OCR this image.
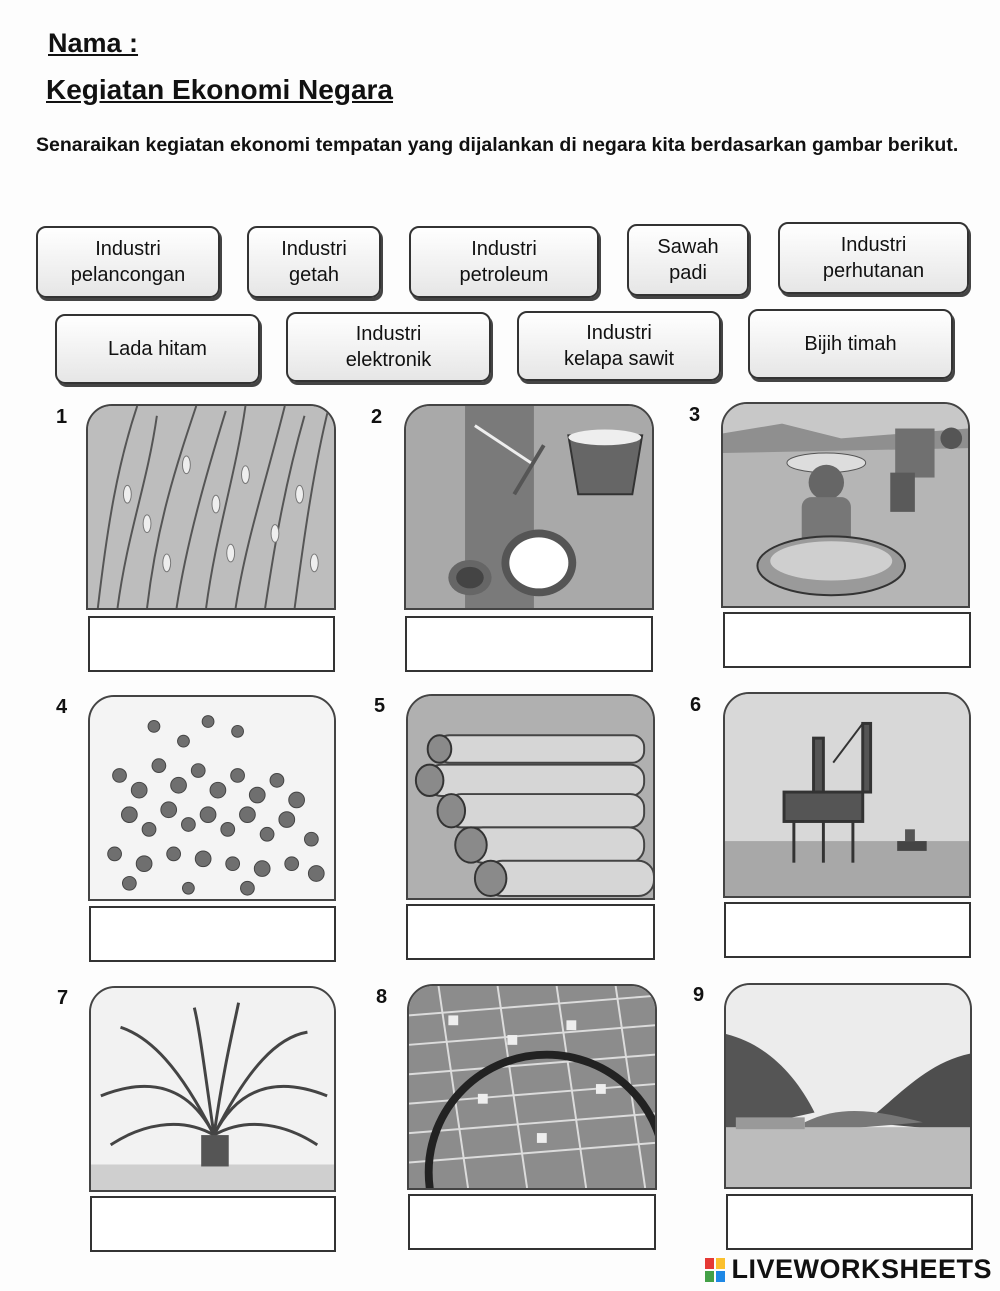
Nama :
Kegiatan Ekonomi Negara
Senaraikan kegiatan ekonomi tempatan yang dijalankan di negara kita berdasarkan gambar berikut.
Industri
pelancongan
Industri
getah
Industri
petroleum
Sawah
padi
Industri
perhutanan
Lada hitam
Industri
elektronik
Industri
kelapa sawit
Bijih timah
1	2	3
4	5	6
7	8	9
LIVEWORKSHEETS
